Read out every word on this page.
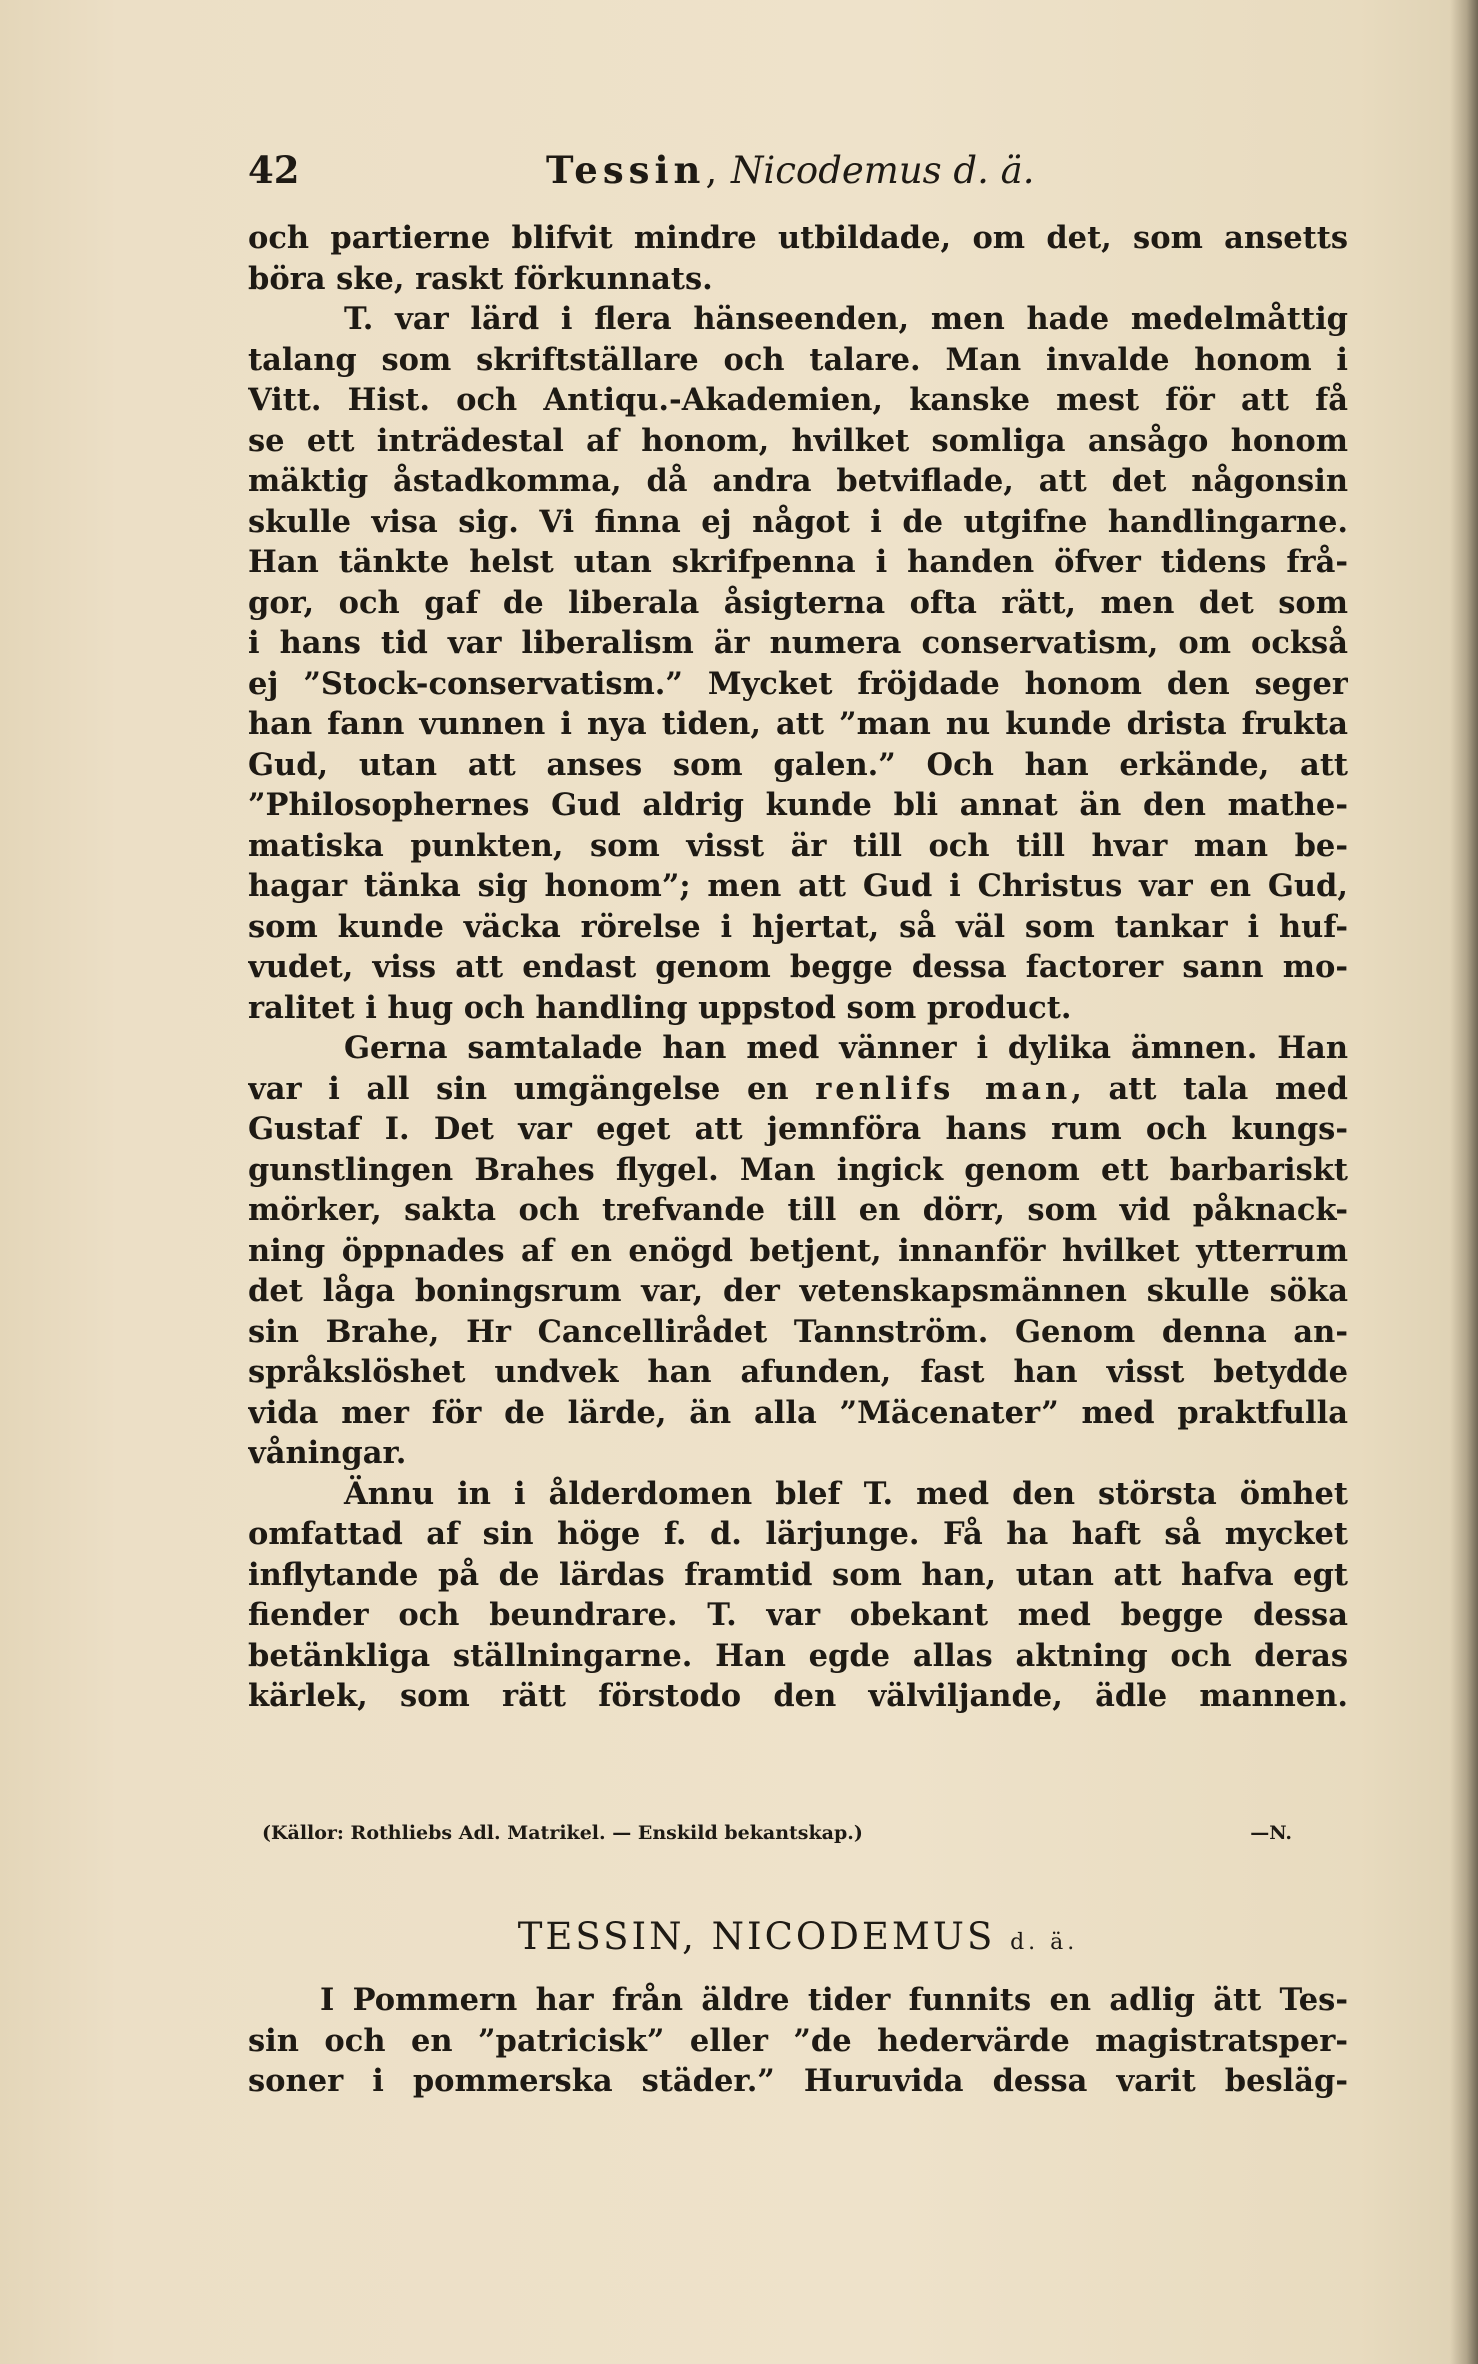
42	Tessin, Nicodemus d. ä.
och partierne blifvit mindre utbildade, om det, som ansetts
böra ske, raskt förkunnats.
T. var lärd i flera hänseenden, men hade medelmåttig
talang som skriftställare och talare. Man invalde honom i
Vitt. Hist. och Antiqu.-Akademien, kanske mest för att få
se ett inträdestal af honom, hvilket somliga ansågo honom
mäktig åstadkomma, då andra betviflade, att det någonsin
skulle visa sig. Vi finna ej något i de utgifne handlingarne.
Han tänkte helst utan skrifpenna i handen öfver tidens frå-
gor, och gaf de liberala åsigterna ofta rätt, men det som
i hans tid var liberalism är numera conservatism, om också
ej ”Stock-conservatism.” Mycket fröjdade honom den seger
han fann vunnen i nya tiden, att ”man nu kunde drista frukta
Gud, utan att anses som galen.” Och han erkände, att
”Philosophernes Gud aldrig kunde bli annat än den mathe-
matiska punkten, som visst är till och till hvar man be-
hagar tänka sig honom”; men att Gud i Christus var en Gud,
som kunde väcka rörelse i hjertat, så väl som tankar i huf-
vudet, viss att endast genom begge dessa factorer sann mo-
ralitet i hug och handling uppstod som product.
Gerna samtalade han med vänner i dylika ämnen. Han
var i all sin umgängelse en renlifs man, att tala med
Gustaf I. Det var eget att jemnföra hans rum och kungs-
gunstlingen Brahes flygel. Man ingick genom ett barbariskt
mörker, sakta och trefvande till en dörr, som vid påknack-
ning öppnades af en enögd betjent, innanför hvilket ytterrum
det låga boningsrum var, der vetenskapsmännen skulle söka
sin Brahe, Hr Cancellirådet Tannström. Genom denna an-
språkslöshet undvek han afunden, fast han visst betydde
vida mer för de lärde, än alla ”Mäcenater” med praktfulla
våningar.
Ännu in i ålderdomen blef T. med den största ömhet
omfattad af sin höge f. d. lärjunge. Få ha haft så mycket
inflytande på de lärdas framtid som han, utan att hafva egt
fiender och beundrare. T. var obekant med begge dessa
betänkliga ställningarne. Han egde allas aktning och deras
kärlek, som rätt förstodo den välviljande, ädle mannen.
(Källor: Rothliebs Adl. Matrikel. — Enskild bekantskap.)	—N.
TESSIN, NICODEMUS d. ä.
I Pommern har från äldre tider funnits en adlig ätt Tes-
sin och en ”patricisk” eller ”de hedervärde magistratsper-
soner i pommerska städer.” Huruvida dessa varit besläg-
